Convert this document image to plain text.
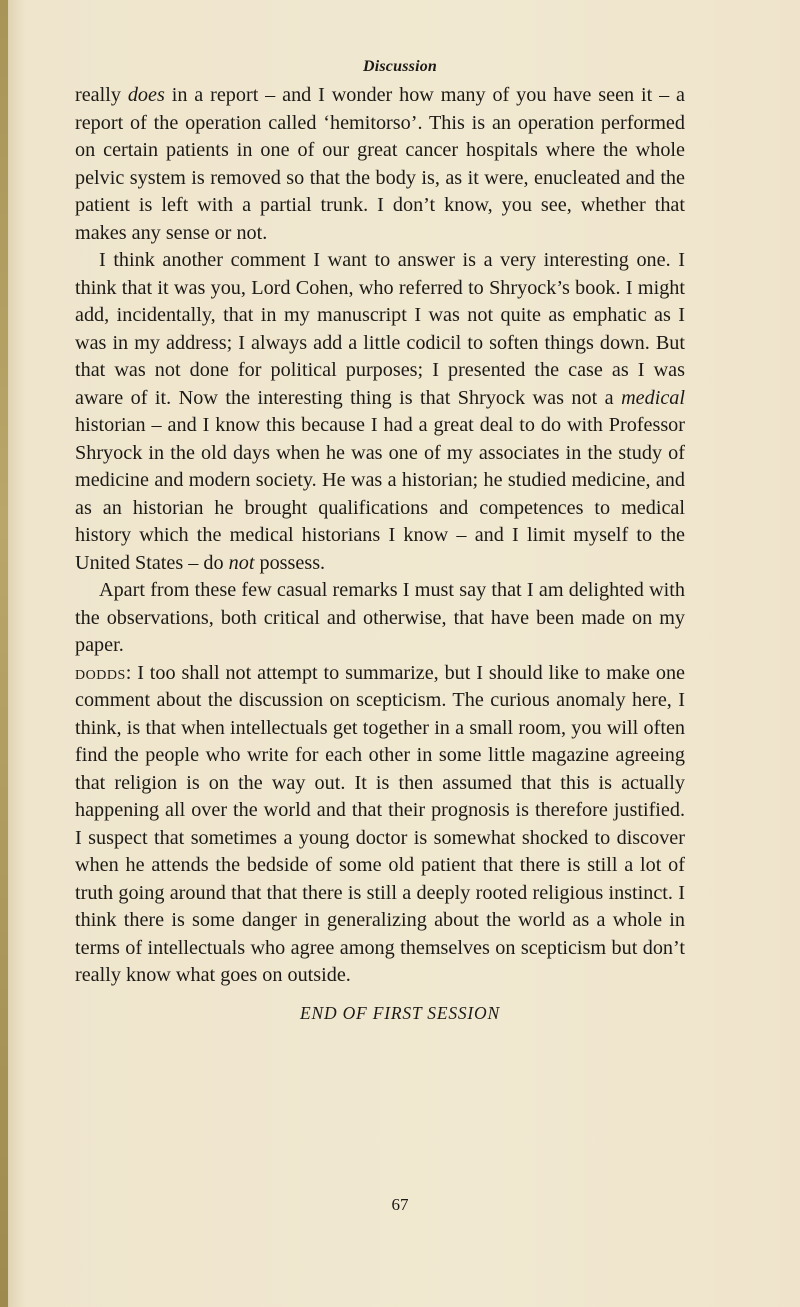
Discussion

really does in a report – and I wonder how many of you have seen it – a report of the operation called ‘hemitorso’. This is an operation performed on certain patients in one of our great cancer hospitals where the whole pelvic system is removed so that the body is, as it were, enucleated and the patient is left with a partial trunk. I don’t know, you see, whether that makes any sense or not.

I think another comment I want to answer is a very interesting one. I think that it was you, Lord Cohen, who referred to Shryock’s book. I might add, incidentally, that in my manuscript I was not quite as emphatic as I was in my address; I always add a little codicil to soften things down. But that was not done for political purposes; I presented the case as I was aware of it. Now the interesting thing is that Shryock was not a medical historian – and I know this because I had a great deal to do with Professor Shryock in the old days when he was one of my associates in the study of medicine and modern society. He was a historian; he studied medicine, and as an historian he brought qualifications and competences to medical history which the medical historians I know – and I limit myself to the United States – do not possess.

Apart from these few casual remarks I must say that I am delighted with the observations, both critical and otherwise, that have been made on my paper.

dodds: I too shall not attempt to summarize, but I should like to make one comment about the discussion on scepticism. The curious anomaly here, I think, is that when intellectuals get together in a small room, you will often find the people who write for each other in some little magazine agreeing that religion is on the way out. It is then assumed that this is actually happening all over the world and that their prognosis is therefore justified. I suspect that sometimes a young doctor is somewhat shocked to discover when he attends the bedside of some old patient that there is still a lot of truth going around that that there is still a deeply rooted religious instinct. I think there is some danger in generalizing about the world as a whole in terms of intellectuals who agree among themselves on scepticism but don’t really know what goes on outside.

END OF FIRST SESSION
67
